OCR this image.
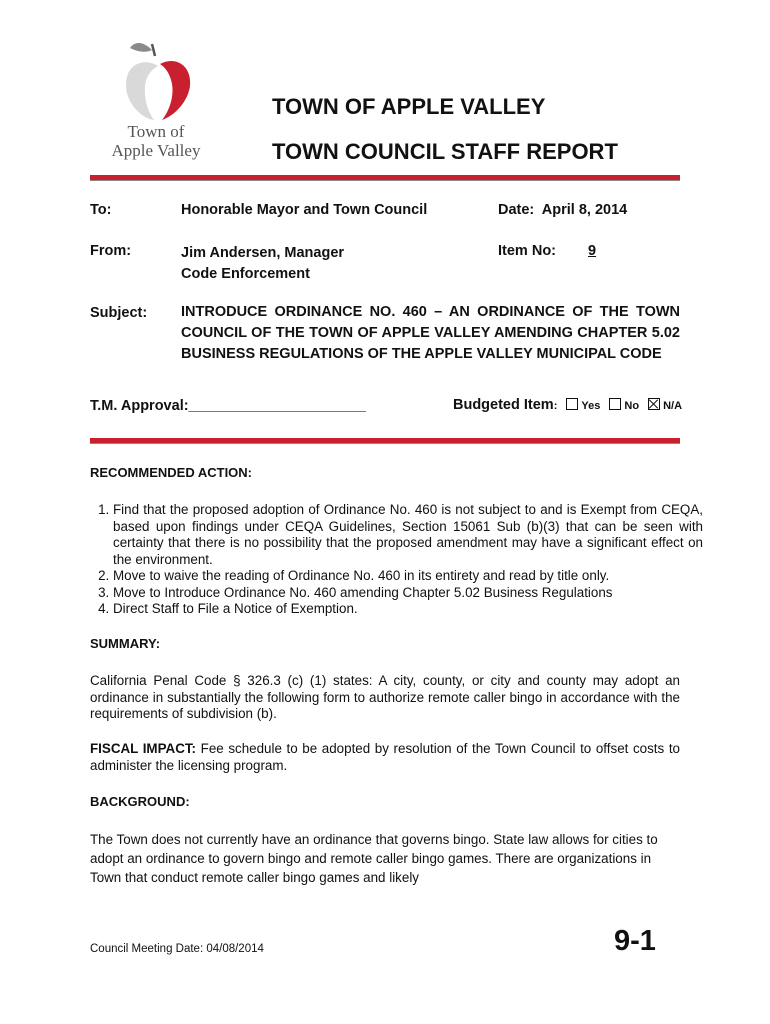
Town of
Apple Valley
TOWN OF APPLE VALLEY
TOWN COUNCIL STAFF REPORT
To:	Honorable Mayor and Town Council	Date: April 8, 2014
From:	Jim Andersen, Manager
Code Enforcement
Item No: 9
Subject: INTRODUCE ORDINANCE NO. 460 – AN ORDINANCE OF THE TOWN COUNCIL OF THE TOWN OF APPLE VALLEY AMENDING CHAPTER 5.02 BUSINESS REGULATIONS OF THE APPLE VALLEY MUNICIPAL CODE
T.M. Approval:______________________	Budgeted Item: Yes No N/A
RECOMMENDED ACTION:
1. Find that the proposed adoption of Ordinance No. 460 is not subject to and is Exempt from CEQA, based upon findings under CEQA Guidelines, Section 15061 Sub (b)(3) that can be seen with certainty that there is no possibility that the proposed amendment may have a significant effect on the environment.
2. Move to waive the reading of Ordinance No. 460 in its entirety and read by title only.
3. Move to Introduce Ordinance No. 460 amending Chapter 5.02 Business Regulations
4. Direct Staff to File a Notice of Exemption.
SUMMARY:
California Penal Code § 326.3 (c) (1) states: A city, county, or city and county may adopt an ordinance in substantially the following form to authorize remote caller bingo in accordance with the requirements of subdivision (b).
FISCAL IMPACT: Fee schedule to be adopted by resolution of the Town Council to offset costs to administer the licensing program.
BACKGROUND:
The Town does not currently have an ordinance that governs bingo. State law allows for cities to adopt an ordinance to govern bingo and remote caller bingo games. There are organizations in Town that conduct remote caller bingo games and likely
Council Meeting Date: 04/08/2014	9-1
